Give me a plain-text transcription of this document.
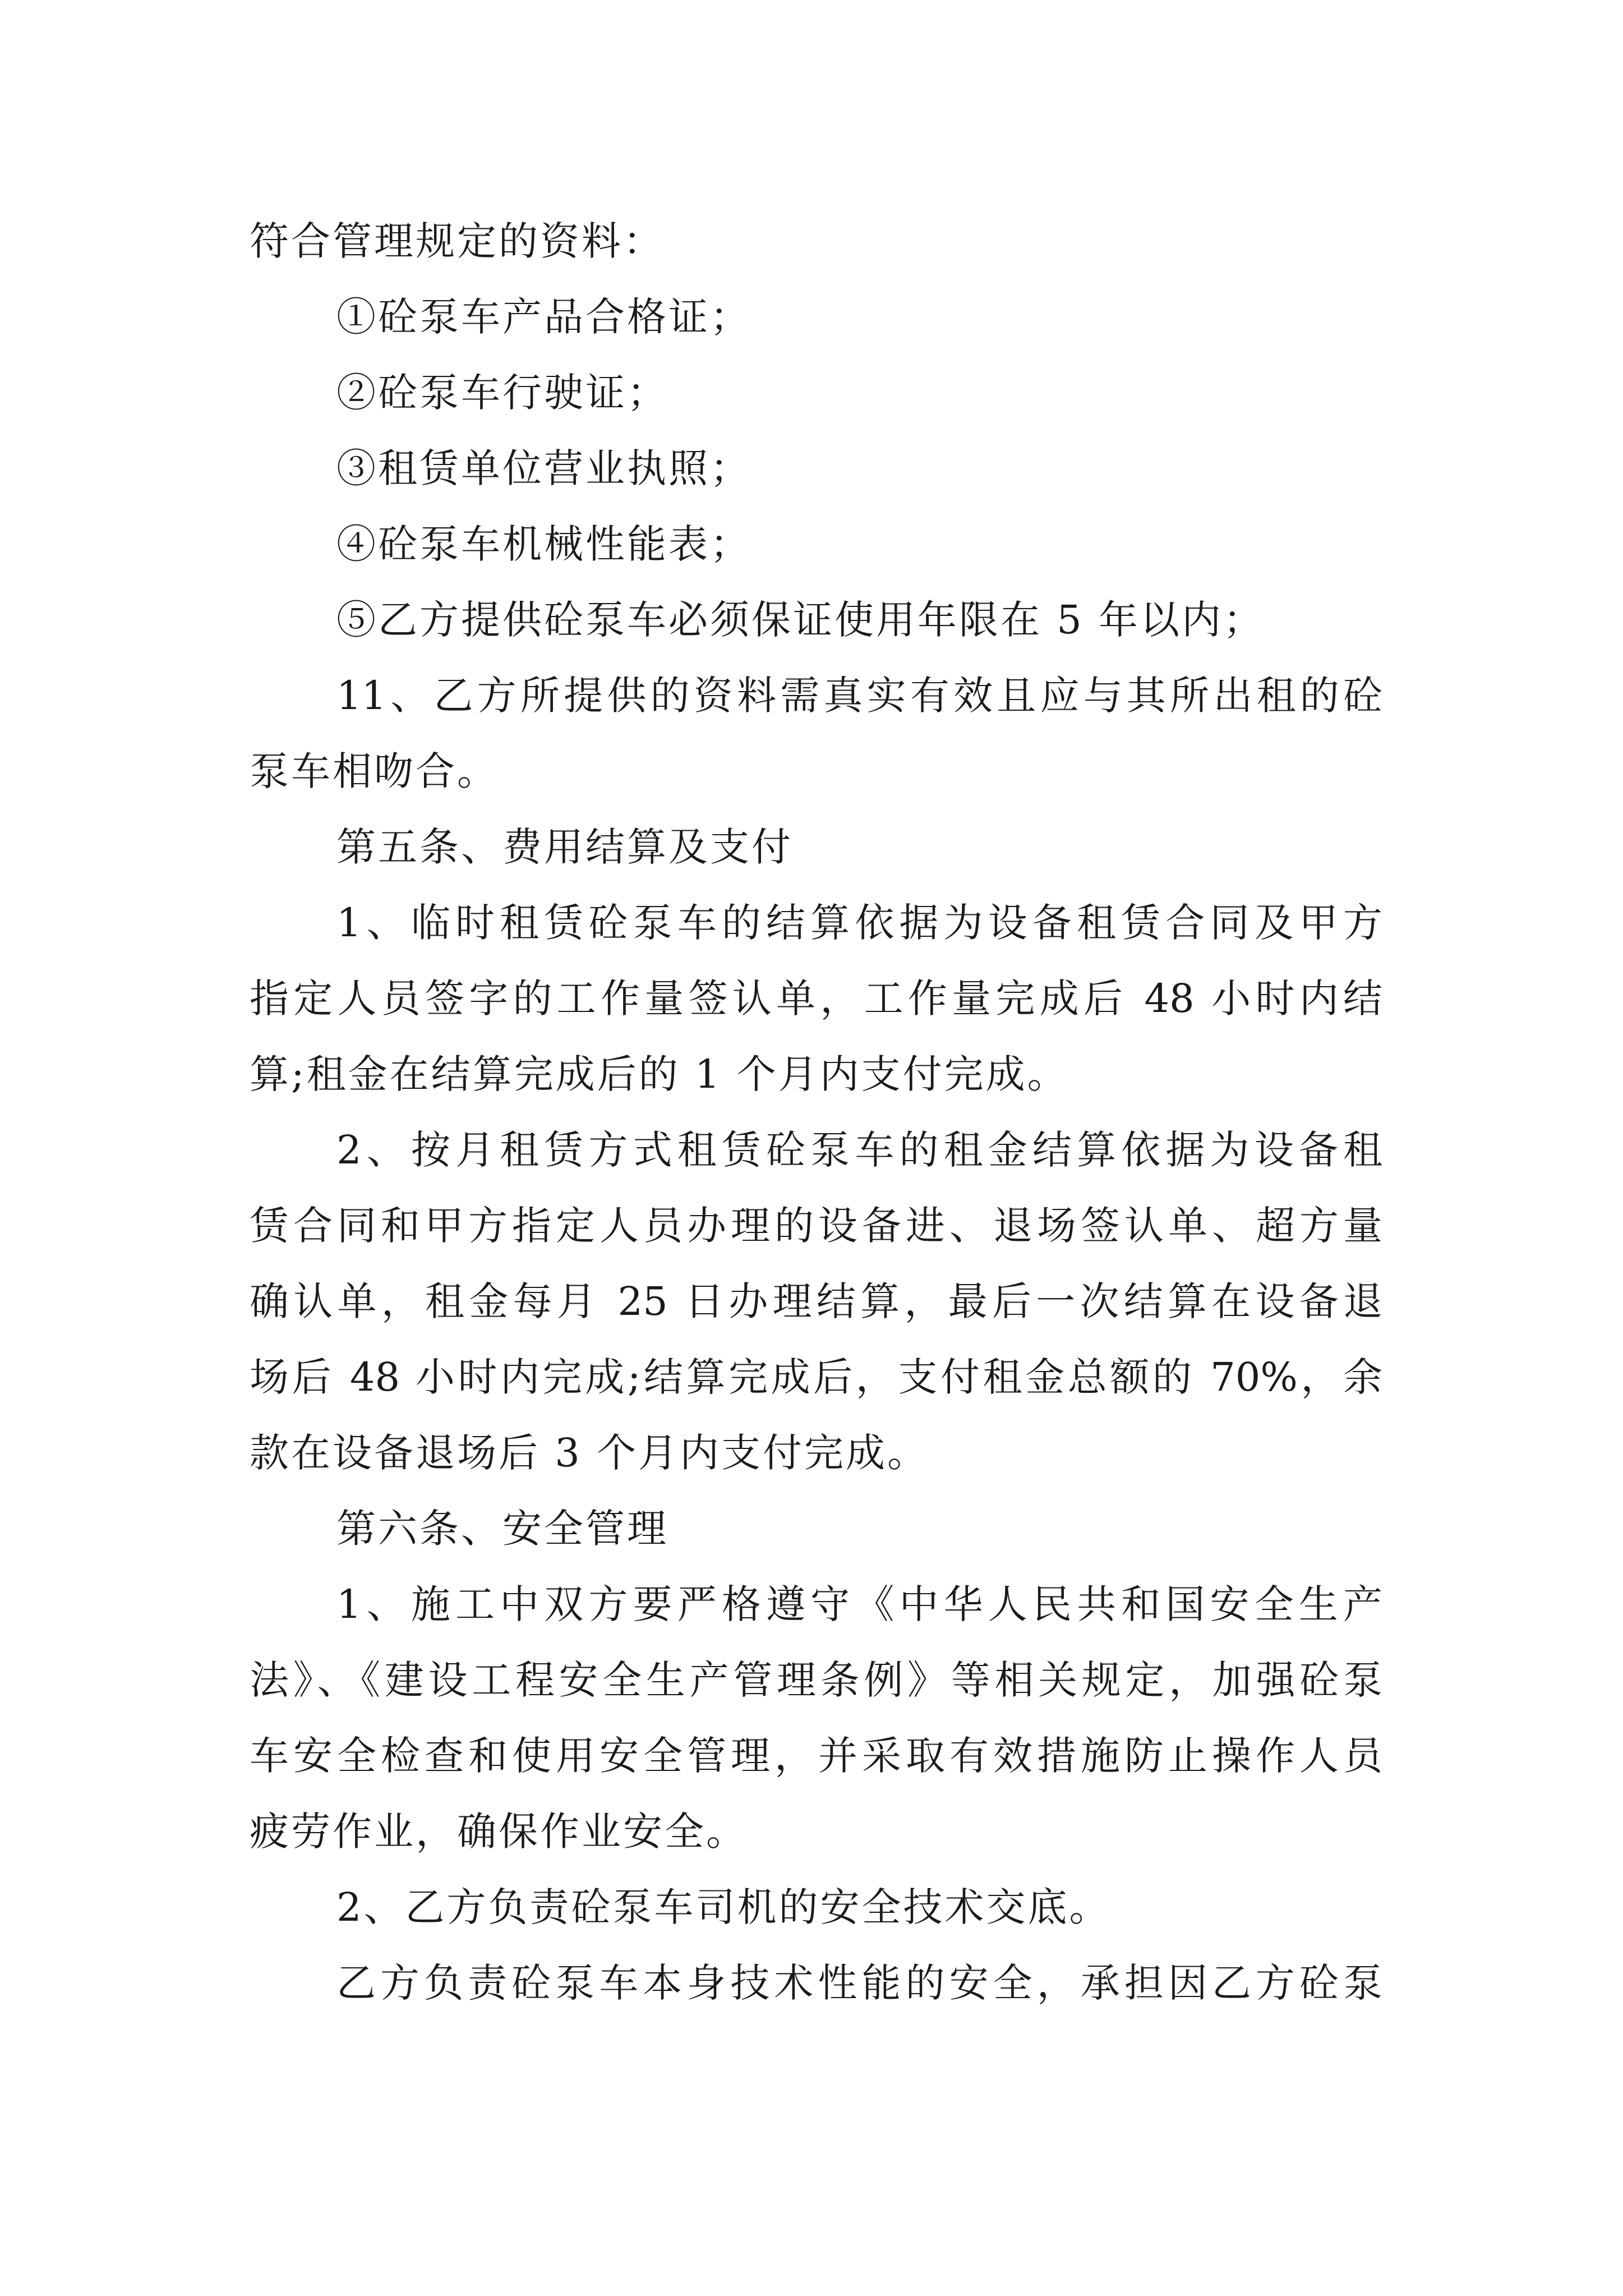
符合管理规定的资料：
①砼泵车产品合格证；
②砼泵车行驶证；
③租赁单位营业执照；
④砼泵车机械性能表；
⑤乙方提供砼泵车必须保证使用年限在 5 年以内；
11、乙方所提供的资料需真实有效且应与其所出租的砼
泵车相吻合。
第五条、费用结算及支付
1、临时租赁砼泵车的结算依据为设备租赁合同及甲方
指定人员签字的工作量签认单，工作量完成后 48 小时内结
算;租金在结算完成后的 1 个月内支付完成。
2、按月租赁方式租赁砼泵车的租金结算依据为设备租
赁合同和甲方指定人员办理的设备进、退场签认单、超方量
确认单，租金每月 25 日办理结算，最后一次结算在设备退
场后 48 小时内完成;结算完成后，支付租金总额的 70%，余
款在设备退场后 3 个月内支付完成。
第六条、安全管理
1、施工中双方要严格遵守《中华人民共和国安全生产
法》、《建设工程安全生产管理条例》等相关规定，加强砼泵
车安全检查和使用安全管理，并采取有效措施防止操作人员
疲劳作业，确保作业安全。
2、乙方负责砼泵车司机的安全技术交底。
乙方负责砼泵车本身技术性能的安全，承担因乙方砼泵
